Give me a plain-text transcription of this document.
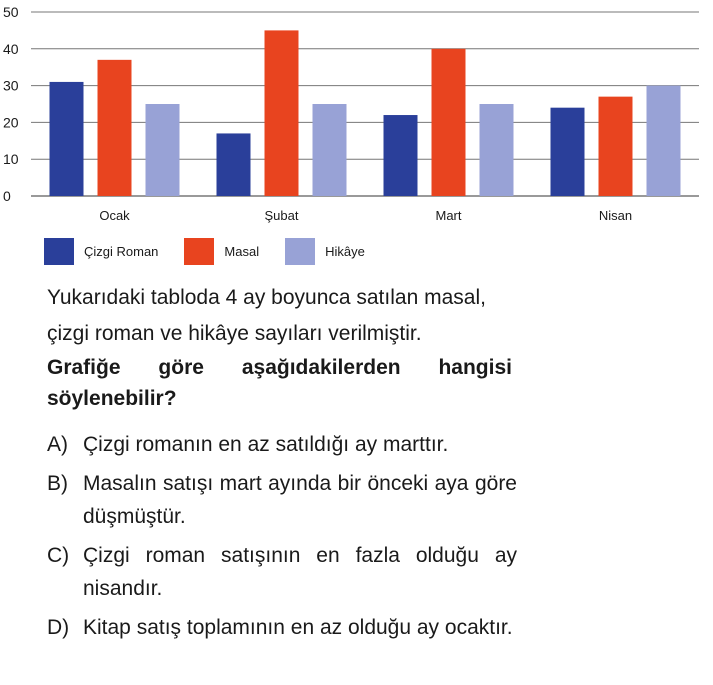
0
10
20
30
40
50
Ocak	Şubat	Mart	Nisan
Çizgi Roman	Masal	Hikâye

Yukarıdaki tabloda 4 ay boyunca satılan masal, çizgi roman ve hikâye sayıları verilmiştir.

Grafiğe göre aşağıdakilerden hangisi söylenebilir?

A) Çizgi romanın en az satıldığı ay marttır.
B) Masalın satışı mart ayında bir önceki aya göre düşmüştür.
C) Çizgi roman satışının en fazla olduğu ay nisandır.
D) Kitap satış toplamının en az olduğu ay ocaktır.
